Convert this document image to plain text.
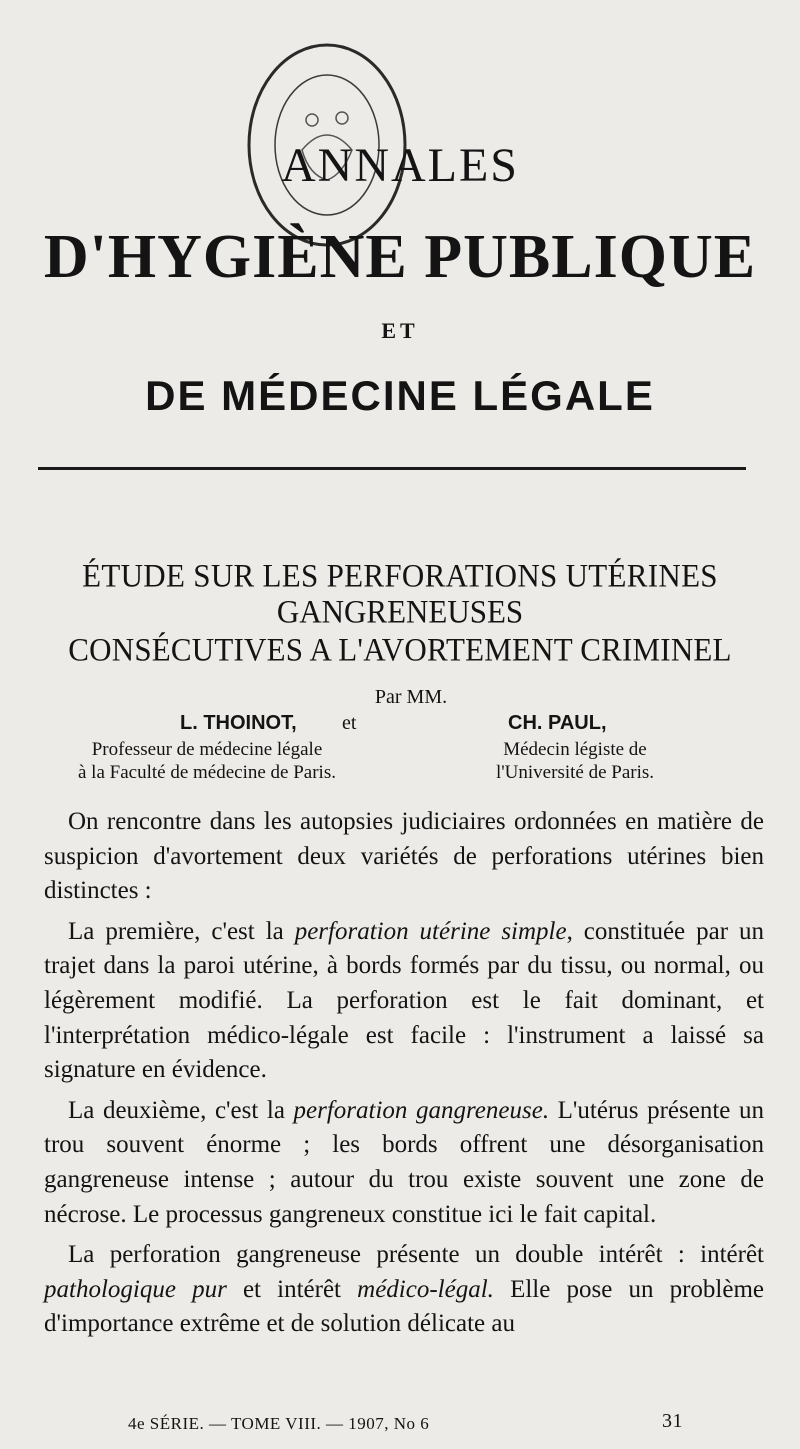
ANNALES
D'HYGIÈNE PUBLIQUE
ET
DE MÉDECINE LÉGALE
ÉTUDE SUR LES PERFORATIONS UTÉRINES
GANGRENEUSES
CONSÉCUTIVES A L'AVORTEMENT CRIMINEL
Par MM.
L. THOINOT, et	CH. PAUL,
Professeur de médecine légale
à la Faculté de médecine de Paris.
Médecin légiste de
l'Université de Paris.

On rencontre dans les autopsies judiciaires ordonnées en matière de suspicion d'avortement deux variétés de perforations utérines bien distinctes :

La première, c'est la perforation utérine simple, constituée par un trajet dans la paroi utérine, à bords formés par du tissu, ou normal, ou légèrement modifié. La perforation est le fait dominant, et l'interprétation médico-légale est facile : l'instrument a laissé sa signature en évidence.

La deuxième, c'est la perforation gangreneuse. L'utérus présente un trou souvent énorme ; les bords offrent une désorganisation gangreneuse intense ; autour du trou existe souvent une zone de nécrose. Le processus gangreneux constitue ici le fait capital.

La perforation gangreneuse présente un double intérêt : intérêt pathologique pur et intérêt médico-légal. Elle pose un problème d'importance extrême et de solution délicate au

4e SÉRIE. — TOME VIII. — 1907, No 6	31
